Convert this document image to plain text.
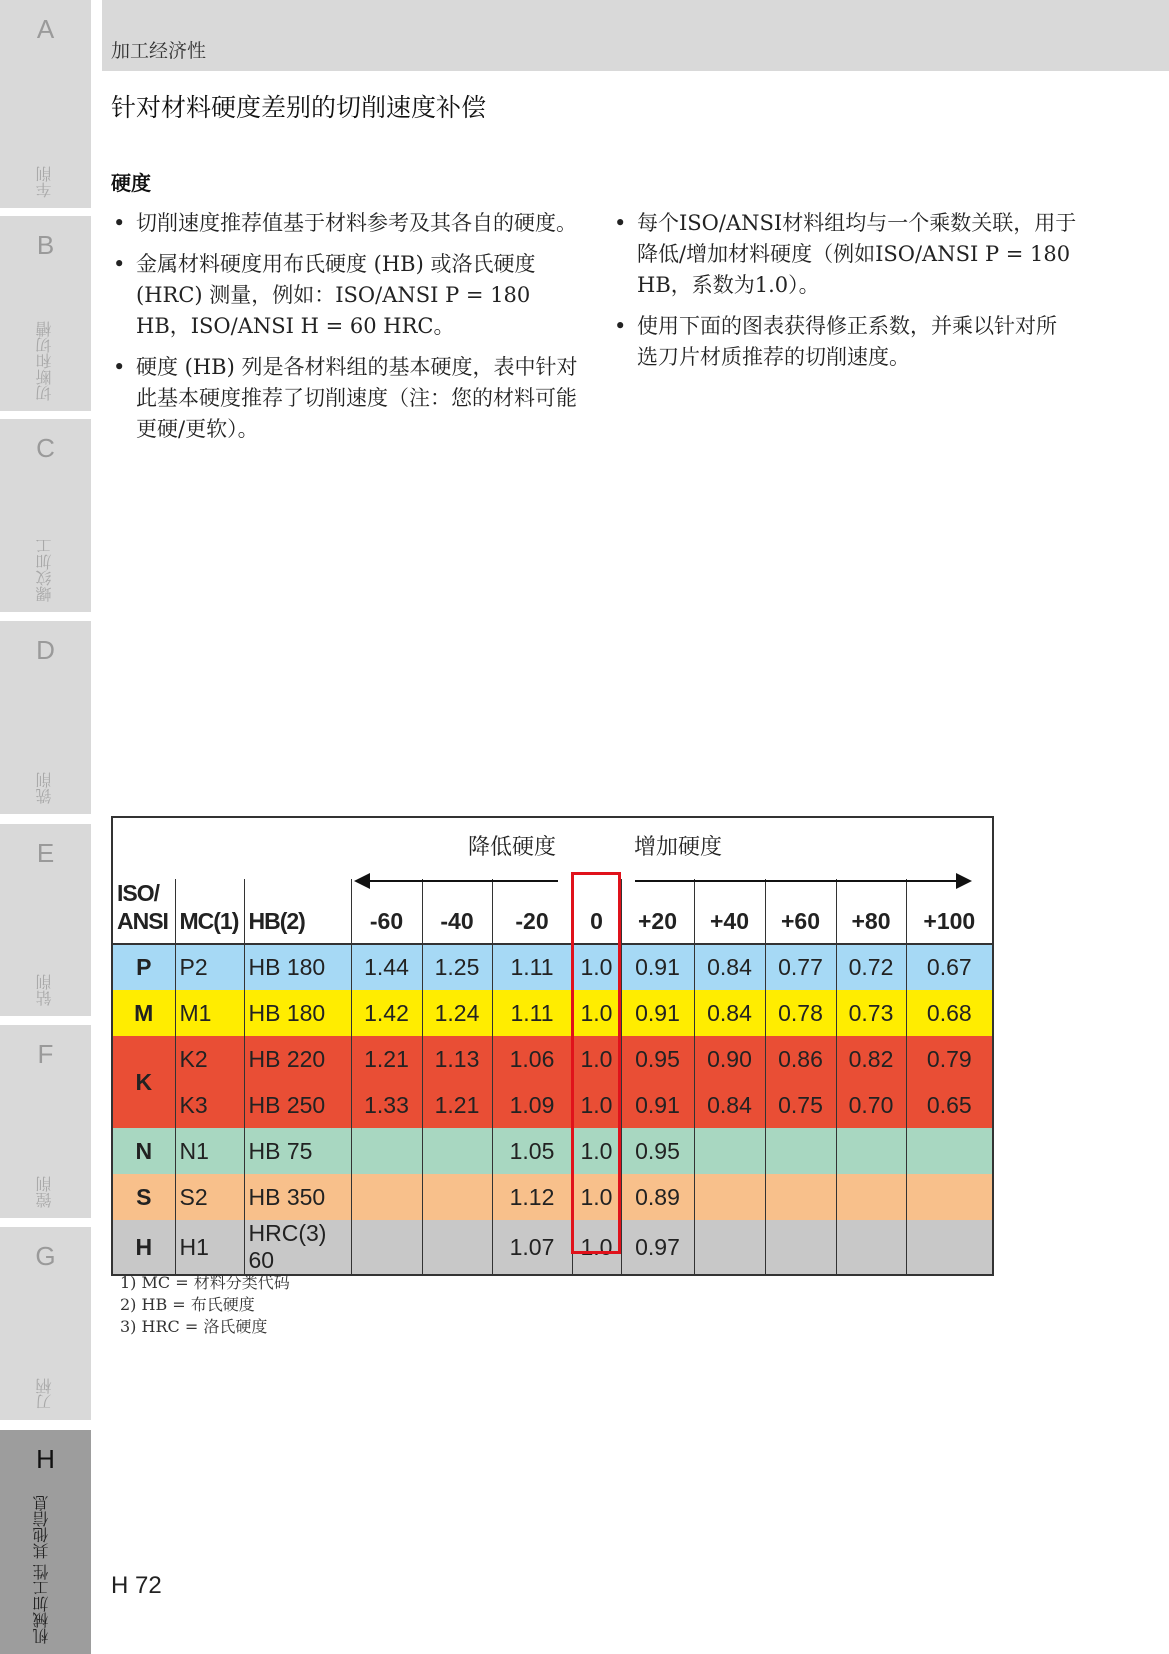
A
车削
B
切断和切槽
C
螺纹加工
D
铣削
E
钻削
F
镗削
G
刀柄
H
机械加工性 其他信息
加工经济性
针对材料硬度差别的切削速度补偿
硬度
• 切削速度推荐值基于材料参考及其各自的硬度。
• 金属材料硬度用布氏硬度 (HB) 或洛氏硬度 (HRC) 测量，例如：ISO/ANSI P = 180 HB，ISO/ANSI H = 60 HRC。
• 硬度 (HB) 列是各材料组的基本硬度，表中针对此基本硬度推荐了切削速度（注：您的材料可能更硬/更软）。
• 每个ISO/ANSI材料组均与一个乘数关联，用于降低/增加材料硬度（例如ISO/ANSI P = 180 HB，系数为1.0）。
• 使用下面的图表获得修正系数，并乘以针对所选刀片材质推荐的切削速度。

ISO/ ANSI	MC(1)	HB(2)	-60	-40	-20	0	+20	+40	+60	+80	+100
P	P2	HB 180	1.44	1.25	1.11	1.0	0.91	0.84	0.77	0.72	0.67
M	M1	HB 180	1.42	1.24	1.11	1.0	0.91	0.84	0.78	0.73	0.68
K	K2	HB 220	1.21	1.13	1.06	1.0	0.95	0.90	0.86	0.82	0.79
	K3	HB 250	1.33	1.21	1.09	1.0	0.91	0.84	0.75	0.70	0.65
N	N1	HB 75			1.05	1.0	0.95				
S	S2	HB 350			1.12	1.0	0.89				
H	H1	HRC(3) 60			1.07	1.0	0.97				
降低硬度	增加硬度
1) MC = 材料分类代码
2) HB = 布氏硬度
3) HRC = 洛氏硬度
H 72
